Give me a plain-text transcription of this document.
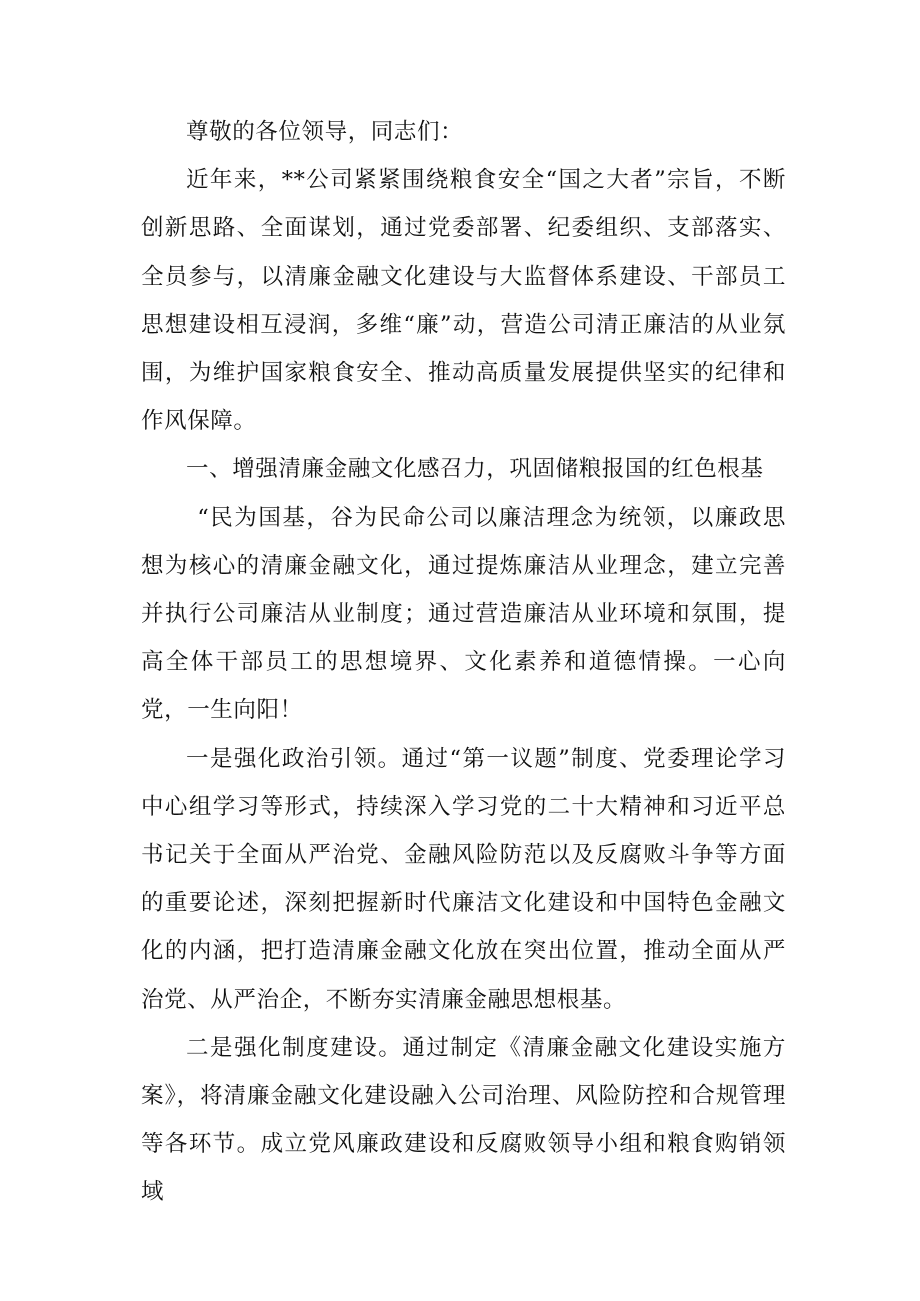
尊敬的各位领导，同志们：

近年来，**公司紧紧围绕粮食安全“国之大者”宗旨，不断创新思路、全面谋划，通过党委部署、纪委组织、支部落实、全员参与，以清廉金融文化建设与大监督体系建设、干部员工思想建设相互浸润，多维“廉”动，营造公司清正廉洁的从业氛围，为维护国家粮食安全、推动高质量发展提供坚实的纪律和作风保障。

一、增强清廉金融文化感召力，巩固储粮报国的红色根基

“民为国基，谷为民命公司以廉洁理念为统领，以廉政思想为核心的清廉金融文化，通过提炼廉洁从业理念，建立完善并执行公司廉洁从业制度；通过营造廉洁从业环境和氛围，提高全体干部员工的思想境界、文化素养和道德情操。一心向党，一生向阳！

一是强化政治引领。通过“第一议题”制度、党委理论学习中心组学习等形式，持续深入学习党的二十大精神和习近平总书记关于全面从严治党、金融风险防范以及反腐败斗争等方面的重要论述，深刻把握新时代廉洁文化建设和中国特色金融文化的内涵，把打造清廉金融文化放在突出位置，推动全面从严治党、从严治企，不断夯实清廉金融思想根基。

二是强化制度建设。通过制定《清廉金融文化建设实施方案》，将清廉金融文化建设融入公司治理、风险防控和合规管理等各环节。成立党风廉政建设和反腐败领导小组和粮食购销领域
